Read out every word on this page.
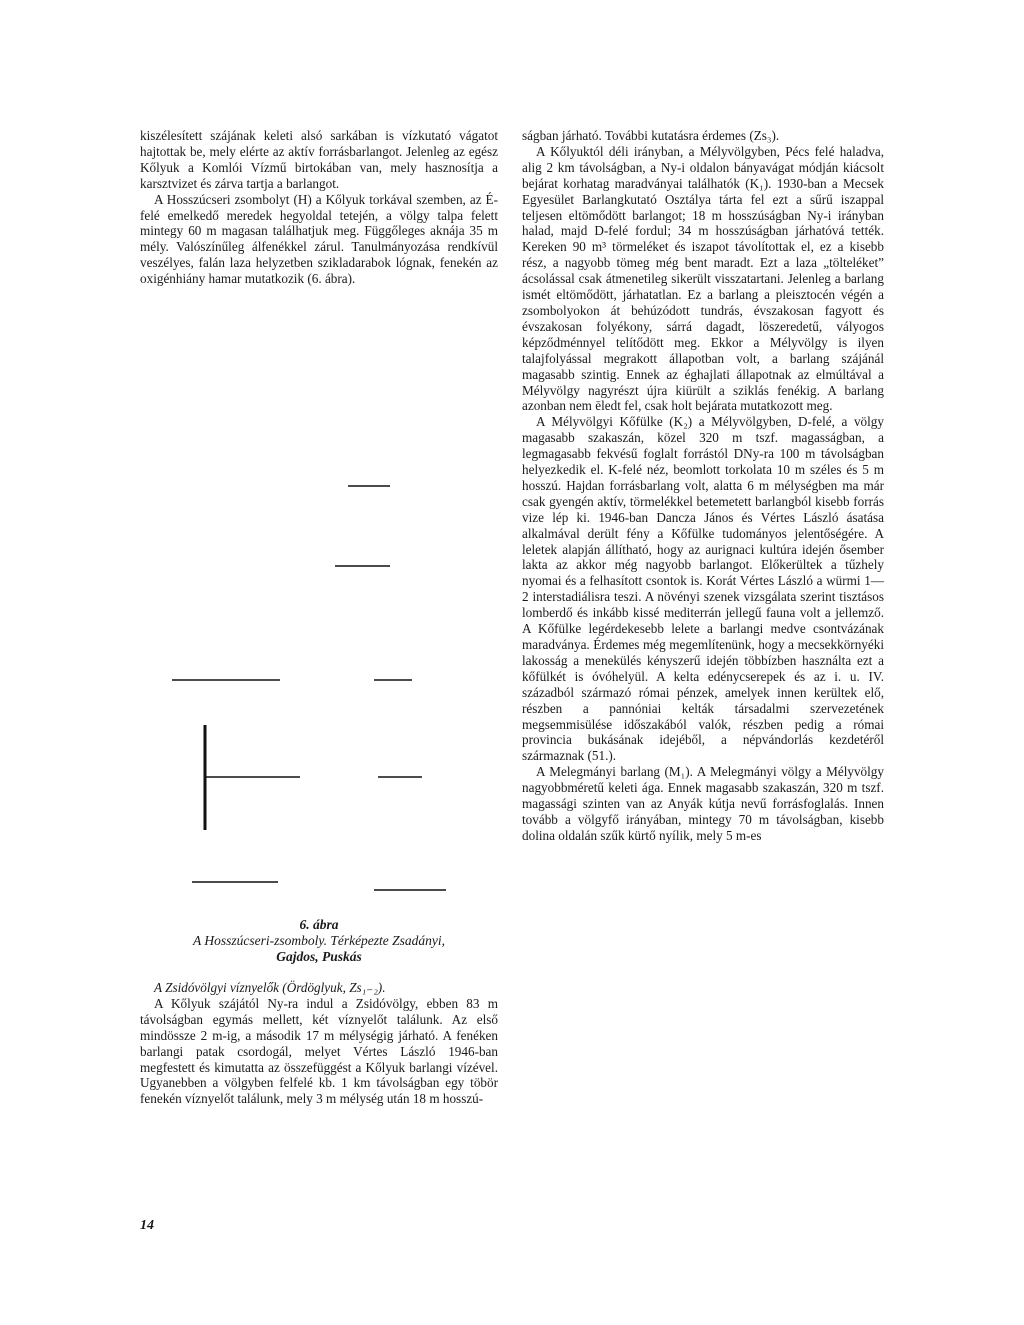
kiszélesített szájának keleti alsó sarkában is vízkutató vágatot hajtottak be, mely elérte az aktív forrásbarlangot. Jelenleg az egész Kőlyuk a Komlói Vízmű birtokában van, mely hasznosítja a karsztvizet és zárva tartja a barlangot.

A Hosszúcseri zsombolyt (H) a Kőlyuk torkával szemben, az É-felé emelkedő meredek hegyoldal tetején, a völgy talpa felett mintegy 60 m magasan találhatjuk meg. Függőleges aknája 35 m mély. Valószínűleg álfenékkel zárul. Tanulmányozása rendkívül veszélyes, falán laza helyzetben szikladarabok lógnak, fenekén az oxigénhiány hamar mutatkozik (6. ábra).

6. ábra
A Hosszúcseri-zsomboly. Térképezte Zsadányi,
Gajdos, Puskás

A Zsidóvölgyi víznyelők (Ördöglyuk, Zs₁₋₂).

A Kőlyuk szájától Ny-ra indul a Zsidóvölgy, ebben 83 m távolságban egymás mellett, két víznyelőt találunk. Az első mindössze 2 m-ig, a második 17 m mélységig járható. A fenéken barlangi patak csordogál, melyet Vértes László 1946-ban megfestett és kimutatta az összefüggést a Kőlyuk barlangi vízével. Ugyanebben a völgyben felfelé kb. 1 km távolságban egy töbör fenekén víznyelőt találunk, mely 3 m mélység után 18 m hosszú-

ságban járható. További kutatásra érdemes (Zs₃).

A Kőlyuktól déli irányban, a Mélyvölgyben, Pécs felé haladva, alig 2 km távolságban, a Ny-i oldalon bányavágat módján kiácsolt bejárat korhatag maradványai találhatók (K₁). 1930-ban a Mecsek Egyesület Barlangkutató Osztálya tárta fel ezt a sűrű iszappal teljesen eltömődött barlangot; 18 m hosszúságban Ny-i irányban halad, majd D-felé fordul; 34 m hosszúságban járhatóvá tették. Kereken 90 m³ törmeléket és iszapot távolítottak el, ez a kisebb rész, a nagyobb tömeg még bent maradt. Ezt a laza „tölteléket” ácsolással csak átmenetileg sikerült visszatartani. Jelenleg a barlang ismét eltömődött, járhatatlan. Ez a barlang a pleisztocén végén a zsombolyokon át behúzódott tundrás, évszakosan fagyott és évszakosan folyékony, sárrá dagadt, löszeredetű, vályogos képződménnyel telítődött meg. Ekkor a Mélyvölgy is ilyen talajfolyással megrakott állapotban volt, a barlang szájánál magasabb szintig. Ennek az éghajlati állapotnak az elmúltával a Mélyvölgy nagyrészt újra kiürült a sziklás fenékig. A barlang azonban nem ēledt fel, csak holt bejárata mutatkozott meg.

A Mélyvölgyi Kőfülke (K₂) a Mélyvölgyben, D-felé, a völgy magasabb szakaszán, közel 320 m tszf. magasságban, a legmagasabb fekvésű foglalt forrástól DNy-ra 100 m távolságban helyezkedik el. K-felé néz, beomlott torkolata 10 m széles és 5 m hosszú. Hajdan forrásbarlang volt, alatta 6 m mélységben ma már csak gyengén aktív, törmelékkel betemetett barlangból kisebb forrás vize lép ki. 1946-ban Dancza János és Vértes László ásatása alkalmával derült fény a Kőfülke tudományos jelentőségére. A leletek alapján állítható, hogy az aurignaci kultúra idején ősember lakta az akkor még nagyobb barlangot. Előkerültek a tűzhely nyomai és a felhasított csontok is. Korát Vértes László a würmi 1—2 interstadiálisra teszi. A növényi szenek vizsgálata szerint tisztásos lomberdő és inkább kissé mediterrán jellegű fauna volt a jellemző. A Kőfülke legérdekesebb lelete a barlangi medve csontvázának maradványa. Érdemes még megemlítenünk, hogy a mecsekkörnyéki lakosság a menekülés kényszerű idején többízben használta ezt a kőfülkét is óvóhelyül. A kelta edénycserepek és az i. u. IV. századból származó római pénzek, amelyek innen kerültek elő, részben a pannóniai kelták társadalmi szervezetének megsemmisülése időszakából valók, részben pedig a római provincia bukásának idejéből, a népvándorlás kezdetéről származnak (51.).

A Melegmányi barlang (M₁). A Melegmányi völgy a Mélyvölgy nagyobbméretű keleti ága. Ennek magasabb szakaszán, 320 m tszf. magassági szinten van az Anyák kútja nevű forrásfoglalás. Innen tovább a völgyfő irányában, mintegy 70 m távolságban, kisebb dolina oldalán szűk kürtő nyílik, mely 5 m-es

14
